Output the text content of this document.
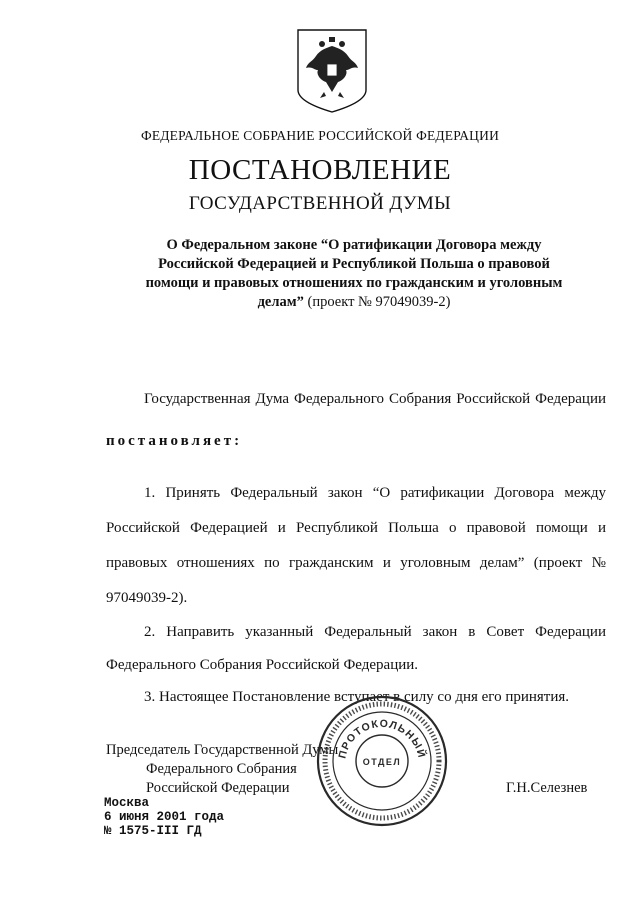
ФЕДЕРАЛЬНОЕ СОБРАНИЕ РОССИЙСКОЙ ФЕДЕРАЦИИ
ПОСТАНОВЛЕНИЕ
ГОСУДАРСТВЕННОЙ ДУМЫ
О Федеральном законе “О ратификации Договора между Российской Федерацией и Республикой Польша о правовой помощи и правовых отношениях по гражданским и уголовным делам” (проект № 97049039-2)
Государственная Дума Федерального Собрания Российской Федерации постановляет:
1. Принять Федеральный закон “О ратификации Договора между Российской Федерацией и Республикой Польша о правовой помощи и правовых отношениях по гражданским и уголовным делам” (проект № 97049039-2).
2. Направить указанный Федеральный закон в Совет Федерации Федерального Собрания Российской Федерации.
3. Настоящее Постановление вступает в силу со дня его принятия.
Председатель Государственной Думы
Федерального Собрания
Российской Федерации	Г.Н.Селезнев
Москва
6 июня 2001 года
№ 1575-III ГД
ПРОТОКОЛЬНЫЙ
ОТДЕЛ
